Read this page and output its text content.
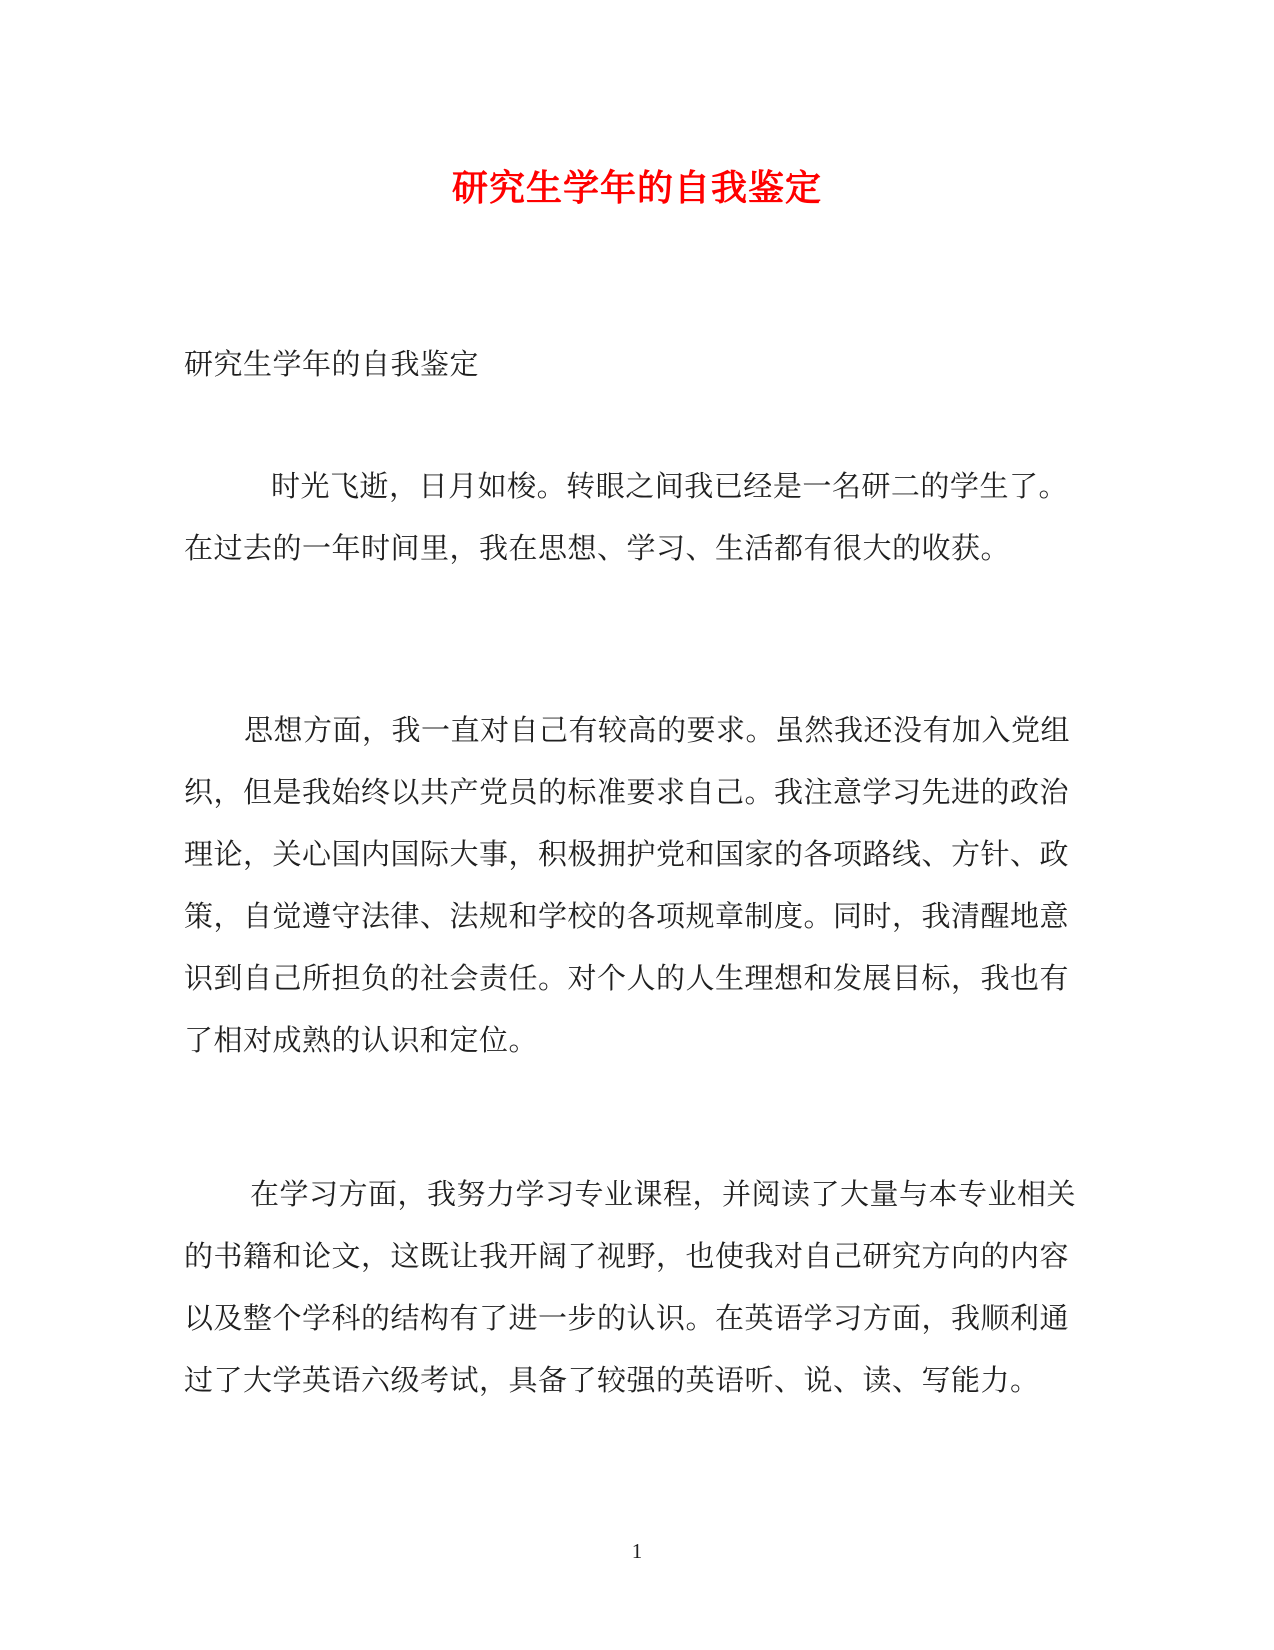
研究生学年的自我鉴定
研究生学年的自我鉴定
时光飞逝，日月如梭。转眼之间我已经是一名研二的学生了。
在过去的一年时间里，我在思想、学习、生活都有很大的收获。
思想方面，我一直对自己有较高的要求。虽然我还没有加入党组
织，但是我始终以共产党员的标准要求自己。我注意学习先进的政治
理论，关心国内国际大事，积极拥护党和国家的各项路线、方针、政
策，自觉遵守法律、法规和学校的各项规章制度。同时，我清醒地意
识到自己所担负的社会责任。对个人的人生理想和发展目标，我也有
了相对成熟的认识和定位。
在学习方面，我努力学习专业课程，并阅读了大量与本专业相关
的书籍和论文，这既让我开阔了视野，也使我对自己研究方向的内容
以及整个学科的结构有了进一步的认识。在英语学习方面，我顺利通
过了大学英语六级考试，具备了较强的英语听、说、读、写能力。
1
